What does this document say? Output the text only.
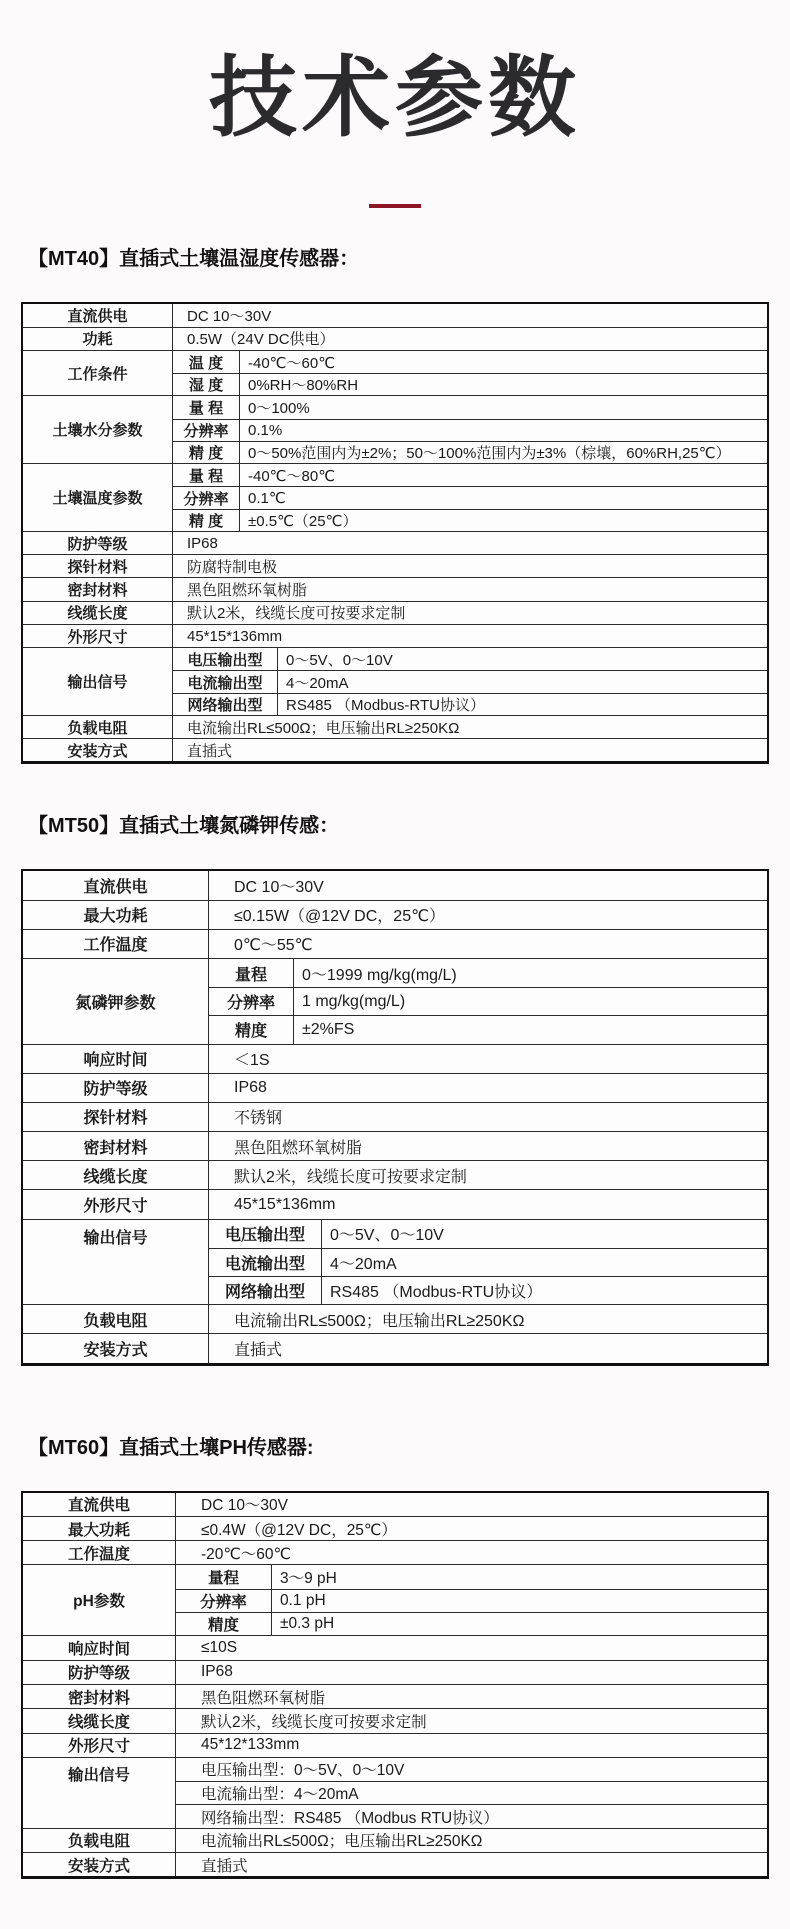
技术参数
【MT40】直插式土壤温湿度传感器：
直流供电	DC 10～30V
功耗	0.5W（24V DC供电）
工作条件
温 度	-40℃～60℃
湿 度	0%RH～80%RH
土壤水分参数
量 程	0～100%
分辨率	0.1%
精 度	0～50%范围内为±2%；50～100%范围内为±3%（棕壤，60%RH,25℃）
土壤温度参数
量 程	-40℃～80℃
分辨率	0.1℃
精 度	±0.5℃（25℃）
防护等级	IP68
探针材料	防腐特制电极
密封材料	黑色阻燃环氧树脂
线缆长度	默认2米，线缆长度可按要求定制
外形尺寸	45*15*136mm
输出信号
电压输出型	0～5V、0～10V
电流输出型	4～20mA
网络输出型	RS485 （Modbus-RTU协议）
负载电阻	电流输出RL≤500Ω；电压输出RL≥250KΩ
安装方式	直插式
【MT50】直插式土壤氮磷钾传感：
直流供电	DC 10～30V
最大功耗	≤0.15W（@12V DC，25℃）
工作温度	0℃～55℃
氮磷钾参数
量程	0～1999 mg/kg(mg/L)
分辨率	1 mg/kg(mg/L)
精度	±2%FS
响应时间	＜1S
防护等级	IP68
探针材料	不锈钢
密封材料	黑色阻燃环氧树脂
线缆长度	默认2米，线缆长度可按要求定制
外形尺寸	45*15*136mm
输出信号	电压输出型	0～5V、0～10V
电流输出型	4～20mA
网络输出型	RS485 （Modbus-RTU协议）
负载电阻	电流输出RL≤500Ω；电压输出RL≥250KΩ
安装方式	直插式
【MT60】直插式土壤PH传感器:
直流供电	DC 10～30V
最大功耗	≤0.4W（@12V DC，25℃）
工作温度	-20℃～60℃
pH参数
量程	3～9 pH
分辨率	0.1 pH
精度	±0.3 pH
响应时间	≤10S
防护等级	IP68
密封材料	黑色阻燃环氧树脂
线缆长度	默认2米，线缆长度可按要求定制
外形尺寸	45*12*133mm
输出信号	电压输出型：0～5V、0～10V
电流输出型：4～20mA
网络输出型：RS485 （Modbus RTU协议）
负载电阻	电流输出RL≤500Ω；电压输出RL≥250KΩ
安装方式	直插式
